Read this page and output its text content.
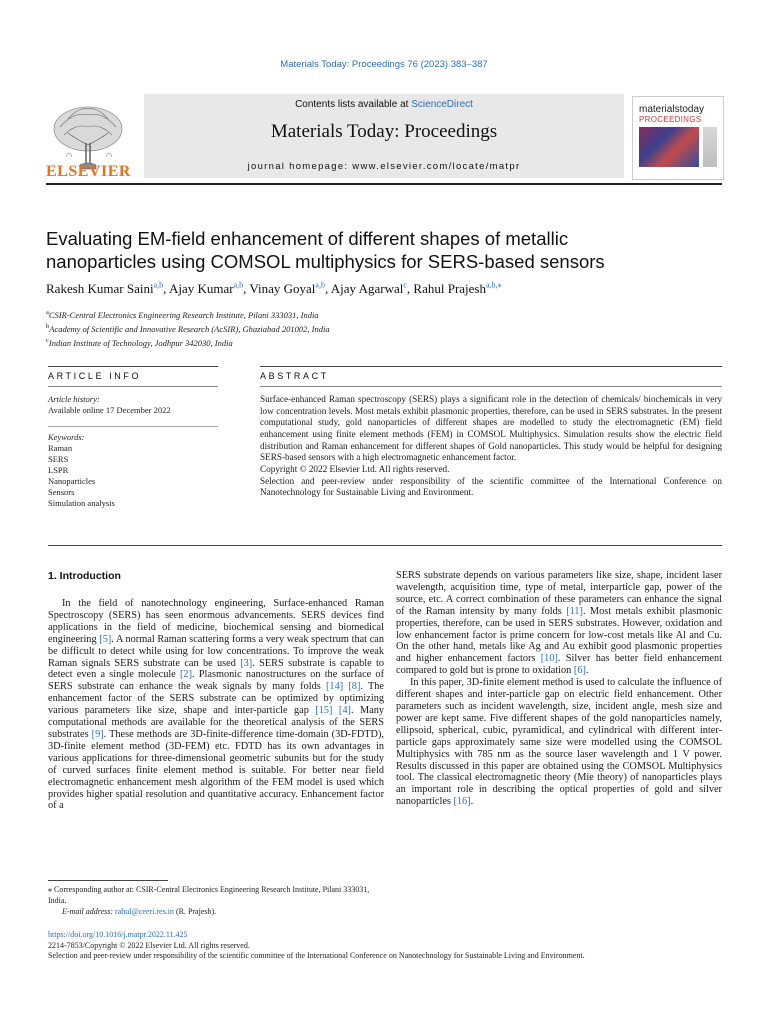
Materials Today: Proceedings 76 (2023) 383–387
ELSEVIER
Contents lists available at ScienceDirect
Materials Today: Proceedings
journal homepage: www.elsevier.com/locate/matpr
materialstoday
PROCEEDINGS
Evaluating EM-field enhancement of different shapes of metallic
nanoparticles using COMSOL multiphysics for SERS-based sensors
Rakesh Kumar Saini$^{a,b}$, Ajay Kumar$^{a,b}$, Vinay Goyal$^{a,b}$, Ajay Agarwal$^c$, Rahul Prajesh$^{a,b,⁎}$
$^a$CSIR-Central Electronics Engineering Research Institute, Pilani 333031, India
$^b$Academy of Scientific and Innovative Research (AcSIR), Ghaziabad 201002, India
$^c$Indian Institute of Technology, Jodhpur 342030, India
ARTICLE INFO	ABSTRACT
Article history:
Available online 17 December 2022
Keywords:
Raman
SERS
LSPR
Nanoparticles
Sensors
Simulation analysis

Surface-enhanced Raman spectroscopy (SERS) plays a significant role in the detection of chemicals/ biochemicals in very low concentration levels. Most metals exhibit plasmonic properties, therefore, can be used in SERS substrates. In the present computational study, gold nanoparticles of different shapes are modelled to study the electromagnetic (EM) field enhancement using finite element methods (FEM) in COMSOL Multiphysics. Simulation results show the electric field distribution and Raman enhancement for different shapes of Gold nanoparticles. This study would be helpful for designing SERS-based sensors with a high electromagnetic enhancement factor.

Copyright © 2022 Elsevier Ltd. All rights reserved.

Selection and peer-review under responsibility of the scientific committee of the International Conference on Nanotechnology for Sustainable Living and Environment.

1. Introduction

In the field of nanotechnology engineering, Surface-enhanced Raman Spectroscopy (SERS) has seen enormous advancements. SERS devices find applications in the field of medicine, biochemical sensing and biomedical engineering [5]. A normal Raman scattering forms a very weak spectrum that can be difficult to detect while using for low concentrations. To improve the weak Raman signals SERS substrate can be used [3]. SERS substrate is capable to detect even a single molecule [2]. Plasmonic nanostructures on the surface of SERS substrate can enhance the weak signals by many folds [14] [8]. The enhancement factor of the SERS substrate can be optimized by optimizing various parameters like size, shape and inter-particle gap [15] [4]. Many computational methods are available for the theoretical analysis of the SERS substrates [9]. These methods are 3D-finite-difference time-domain (3D-FDTD), 3D-finite element method (3D-FEM) etc. FDTD has its own advantages in various applications for three-dimensional geometric subunits but for the study of curved surfaces finite element method is suitable. For better near field electromagnetic enhancement mesh algorithm of the FEM model is used which provides higher spatial resolution and quantitative accuracy. Enhancement factor of a

SERS substrate depends on various parameters like size, shape, incident laser wavelength, acquisition time, type of metal, interparticle gap, power of the source, etc. A correct combination of these parameters can enhance the signal of the Raman intensity by many folds [11]. Most metals exhibit plasmonic properties, therefore, can be used in SERS substrates. However, oxidation and low enhancement factor is prime concern for low-cost metals like Al and Cu. On the other hand, metals like Ag and Au exhibit good plasmonic properties and higher enhancement factors [10]. Silver has better field enhancement compared to gold but is prone to oxidation [6].

In this paper, 3D-finite element method is used to calculate the influence of different shapes and inter-particle gap on electric field enhancement. Other parameters such as incident wavelength, size, incident angle, mesh size and power are kept same. Five different shapes of the gold nanoparticles namely, ellipsoid, spherical, cubic, pyramidical, and cylindrical with different inter-particle gaps approximately same size were modelled using the COMSOL Multiphysics with 785 nm as the source laser wavelength and 1 V power. Results discussed in this paper are obtained using the COMSOL Multiphysics tool. The classical electromagnetic theory (Mie theory) of nanoparticles plays an important role in describing the optical properties of gold and silver nanoparticles [16].

⁎ Corresponding author at: CSIR-Central Electronics Engineering Research Institute, Pilani 333031, India.
E-mail address: rahul@ceeri.res.in (R. Prajesh).
https://doi.org/10.1016/j.matpr.2022.11.425
2214-7853/Copyright © 2022 Elsevier Ltd. All rights reserved.
Selection and peer-review under responsibility of the scientific committee of the International Conference on Nanotechnology for Sustainable Living and Environment.
